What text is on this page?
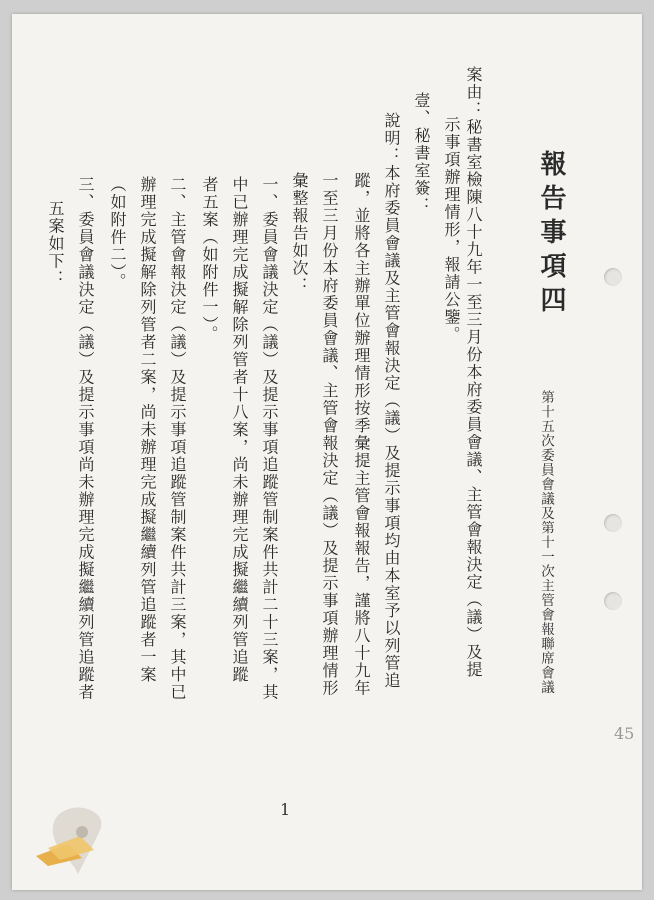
報告事項四
第十五次委員會議及第十一次主管會報聯席會議
案由：秘書室檢陳八十九年一至三月份本府委員會議、主管會報決定（議）及提
示事項辦理情形，報請公鑒。
壹、秘書室簽：
說明：本府委員會議及主管會報決定（議）及提示事項均由本室予以列管追
蹤，並將各主辦單位辦理情形按季彙提主管會報報告，謹將八十九年
一至三月份本府委員會議、主管會報決定（議）及提示事項辦理情形
彙整報告如次：
一、委員會議決定（議）及提示事項追蹤管制案件共計二十三案，其
中已辦理完成擬解除列管者十八案，尚未辦理完成擬繼續列管追蹤
者五案（如附件一）。
二、主管會報決定（議）及提示事項追蹤管制案件共計三案，其中已
辦理完成擬解除列管者二案，尚未辦理完成擬繼續列管追蹤者一案
（如附件二）。
三、委員會議決定（議）及提示事項尚未辦理完成擬繼續列管追蹤者
五案如下：
1
45
